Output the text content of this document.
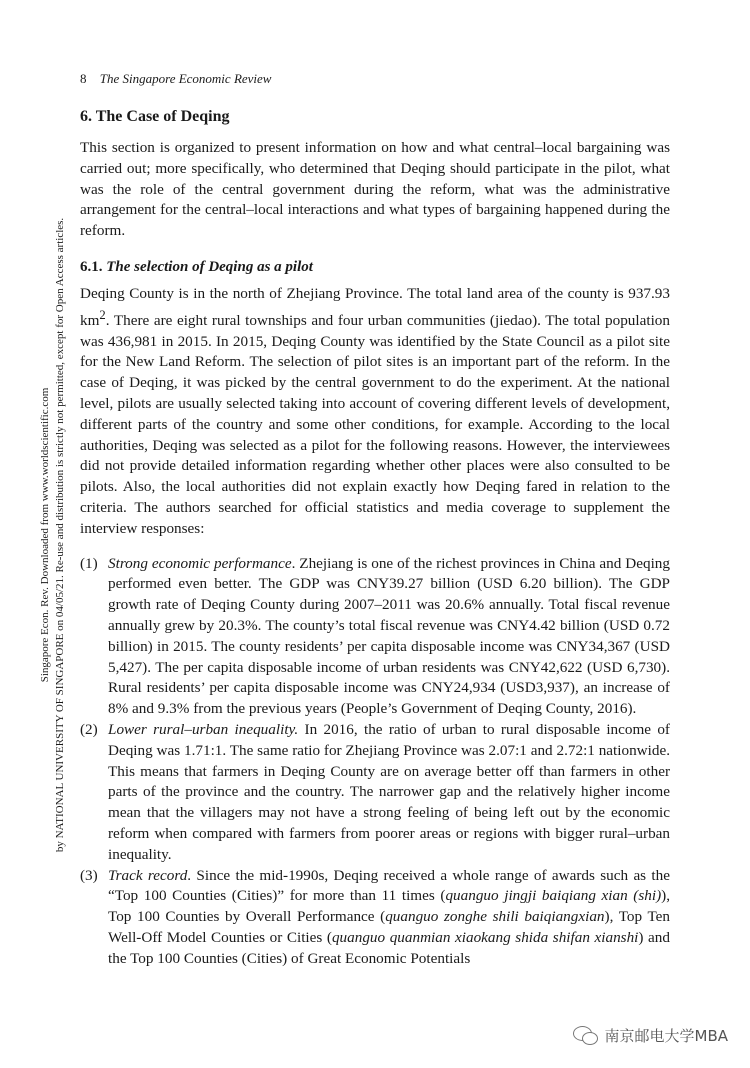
Singapore Econ. Rev. Downloaded from www.worldscientific.com by NATIONAL UNIVERSITY OF SINGAPORE on 04/05/21. Re-use and distribution is strictly not permitted, except for Open Access articles.
8 The Singapore Economic Review
6. The Case of Deqing

This section is organized to present information on how and what central–local bargaining was carried out; more specifically, who determined that Deqing should participate in the pilot, what was the role of the central government during the reform, what was the administrative arrangement for the central–local interactions and what types of bargaining happened during the reform.

6.1. The selection of Deqing as a pilot

Deqing County is in the north of Zhejiang Province. The total land area of the county is 937.93 $km^2$. There are eight rural townships and four urban communities (jiedao). The total population was 436,981 in 2015. In 2015, Deqing County was identified by the State Council as a pilot site for the New Land Reform. The selection of pilot sites is an important part of the reform. In the case of Deqing, it was picked by the central government to do the experiment. At the national level, pilots are usually selected taking into account of covering different levels of development, different parts of the country and some other conditions, for example. According to the local authorities, Deqing was selected as a pilot for the following reasons. However, the interviewees did not provide detailed information regarding whether other places were also consulted to be pilots. Also, the local authorities did not explain exactly how Deqing fared in relation to the criteria. The authors searched for official statistics and media coverage to supplement the interview responses:

(1) Strong economic performance. Zhejiang is one of the richest provinces in China and Deqing performed even better. The GDP was CNY39.27 billion (USD 6.20 billion). The GDP growth rate of Deqing County during 2007–2011 was 20.6% annually. Total fiscal revenue annually grew by 20.3%. The county’s total fiscal revenue was CNY4.42 billion (USD 0.72 billion) in 2015. The county residents’ per capita disposable income was CNY34,367 (USD 5,427). The per capita disposable income of urban residents was CNY42,622 (USD 6,730). Rural residents’ per capita disposable income was CNY24,934 (USD3,937), an increase of 8% and 9.3% from the previous years (People’s Government of Deqing County, 2016).
(2) Lower rural–urban inequality. In 2016, the ratio of urban to rural disposable income of Deqing was 1.71:1. The same ratio for Zhejiang Province was 2.07:1 and 2.72:1 nationwide. This means that farmers in Deqing County are on average better off than farmers in other parts of the province and the country. The narrower gap and the relatively higher income mean that the villagers may not have a strong feeling of being left out by the economic reform when compared with farmers from poorer areas or regions with bigger rural–urban inequality.
(3) Track record. Since the mid-1990s, Deqing received a whole range of awards such as the “Top 100 Counties (Cities)” for more than 11 times (quanguo jingji baiqiang xian (shi)), Top 100 Counties by Overall Performance (quanguo zonghe shili baiqiangxian), Top Ten Well-Off Model Counties or Cities (quanguo quanmian xiaokang shida shifan xianshi) and the Top 100 Counties (Cities) of Great Economic Potentials
南京邮电大学MBA
